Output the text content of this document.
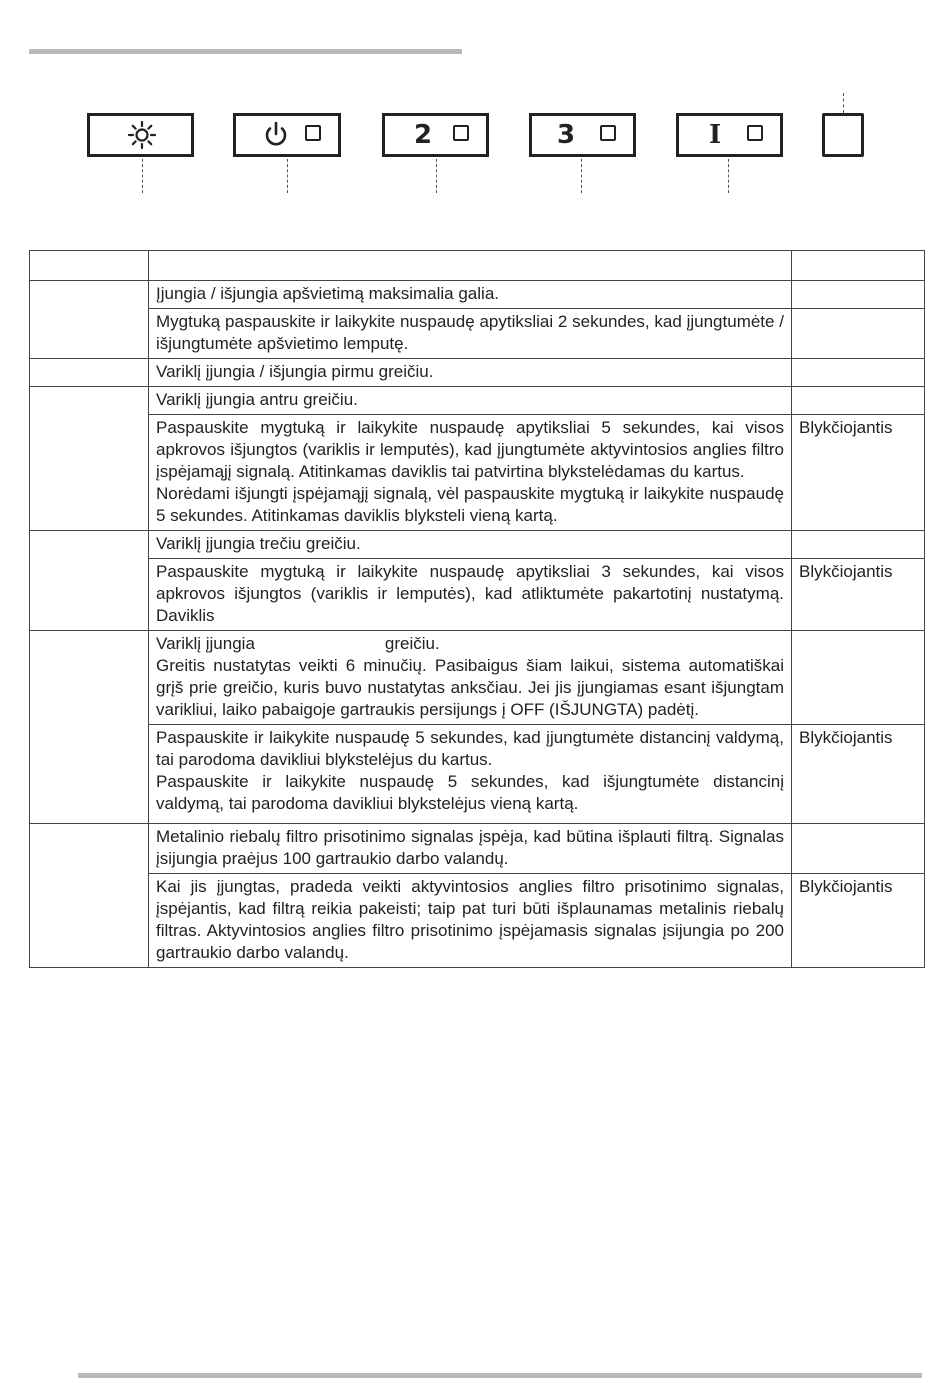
2	3	I

	Įjungia / išjungia apšvietimą maksimalia galia.	
	Mygtuką paspauskite ir laikykite nuspaudę apytiksliai 2 sekundes, kad įjungtumėte / išjungtumėte apšvietimo lemputę.	
	Variklį įjungia / išjungia pirmu greičiu.	
	Variklį įjungia antru greičiu.	

	Paspauskite mygtuką ir laikykite nuspaudę apytiksliai 5 sekundes, kai visos apkrovos išjungtos (variklis ir lemputės), kad įjungtumėte aktyvintosios anglies filtro įspėjamąjį signalą. Atitinkamas daviklis tai patvirtina blykstelėdamas du kartus.
Norėdami išjungti įspėjamąjį signalą, vėl paspauskite mygtuką ir laikykite nuspaudę 5 sekundes. Atitinkamas daviklis blyksteli vieną kartą.	Blykčiojantis
	Variklį įjungia trečiu greičiu.	
	Paspauskite mygtuką ir laikykite nuspaudę apytiksliai 3 sekundes, kai visos apkrovos išjungtos (variklis ir lemputės), kad atliktumėte pakartotinį nustatymą. Daviklis	Blykčiojantis

	Variklį įjungia greičiu.
Greitis nustatytas veikti 6 minučių. Pasibaigus šiam laikui, sistema automatiškai grįš prie greičio, kuris buvo nustatytas anksčiau. Jei jis įjungiamas esant išjungtam varikliui, laiko pabaigoje gartraukis persijungs į OFF (IŠJUNGTA) padėtį.	

	Paspauskite ir laikykite nuspaudę 5 sekundes, kad įjungtumėte distancinį valdymą, tai parodoma davikliui blykstelėjus du kartus.
Paspauskite ir laikykite nuspaudę 5 sekundes, kad išjungtumėte distancinį valdymą, tai parodoma davikliui blykstelėjus vieną kartą.	Blykčiojantis
	Metalinio riebalų filtro prisotinimo signalas įspėja, kad būtina išplauti filtrą. Signalas įsijungia praėjus 100 gartraukio darbo valandų.	
	Kai jis įjungtas, pradeda veikti aktyvintosios anglies filtro prisotinimo signalas, įspėjantis, kad filtrą reikia pakeisti; taip pat turi būti išplaunamas metalinis riebalų filtras. Aktyvintosios anglies filtro prisotinimo įspėjamasis signalas įsijungia po 200 gartraukio darbo valandų.	Blykčiojantis
